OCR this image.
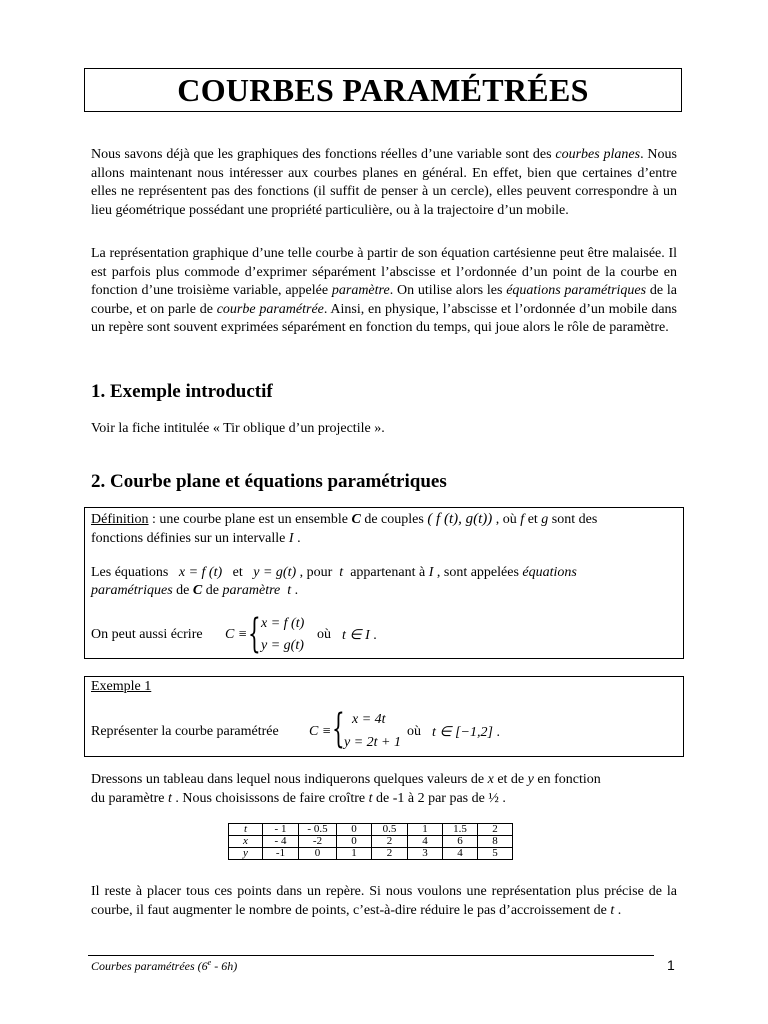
COURBES PARAMÉTRÉES
Nous savons déjà que les graphiques des fonctions réelles d’une variable sont des courbes planes. Nous allons maintenant nous intéresser aux courbes planes en général. En effet, bien que certaines d’entre elles ne représentent pas des fonctions (il suffit de penser à un cercle), elles peuvent correspondre à un lieu géométrique possédant une propriété particulière, ou à la trajectoire d’un mobile.
La représentation graphique d’une telle courbe à partir de son équation cartésienne peut être malaisée. Il est parfois plus commode d’exprimer séparément l’abscisse et l’ordonnée d’un point de la courbe en fonction d’une troisième variable, appelée paramètre. On utilise alors les équations paramétriques de la courbe, et on parle de courbe paramétrée. Ainsi, en physique, l’abscisse et l’ordonnée d’un mobile dans un repère sont souvent exprimées séparément en fonction du temps, qui joue alors le rôle de paramètre.
1. Exemple introductif
Voir la fiche intitulée « Tir oblique d’un projectile ».
2. Courbe plane et équations paramétriques
Définition : une courbe plane est un ensemble C de couples ( f (t), g(t)) , où f et g sont des
fonctions définies sur un intervalle I .
Les équations   x = f (t)   et   y = g(t) , pour  t  appartenant à I , sont appelées équations
paramétriques de C de paramètre t .
On peut aussi écrire C ≡ { x = f (t)
y = g(t)
où t ∈ I .
Exemple 1
Représenter la courbe paramétrée C ≡ { x = 4t
y = 2t + 1
où t ∈ [−1,2] .
Dressons un tableau dans lequel nous indiquerons quelques valeurs de x et de y en fonction
du paramètre t . Nous choisissons de faire croître t de -1 à 2 par pas de ½ .
t	- 1	- 0.5	0	0.5	1	1.5	2
x	- 4	-2	0	2	4	6	8
y	-1	0	1	2	3	4	5
Il reste à placer tous ces points dans un repère. Si nous voulons une représentation plus précise de la courbe, il faut augmenter le nombre de points, c’est-à-dire réduire le pas d’accroissement de t .
Courbes paramétrées (6e - 6h)	1
